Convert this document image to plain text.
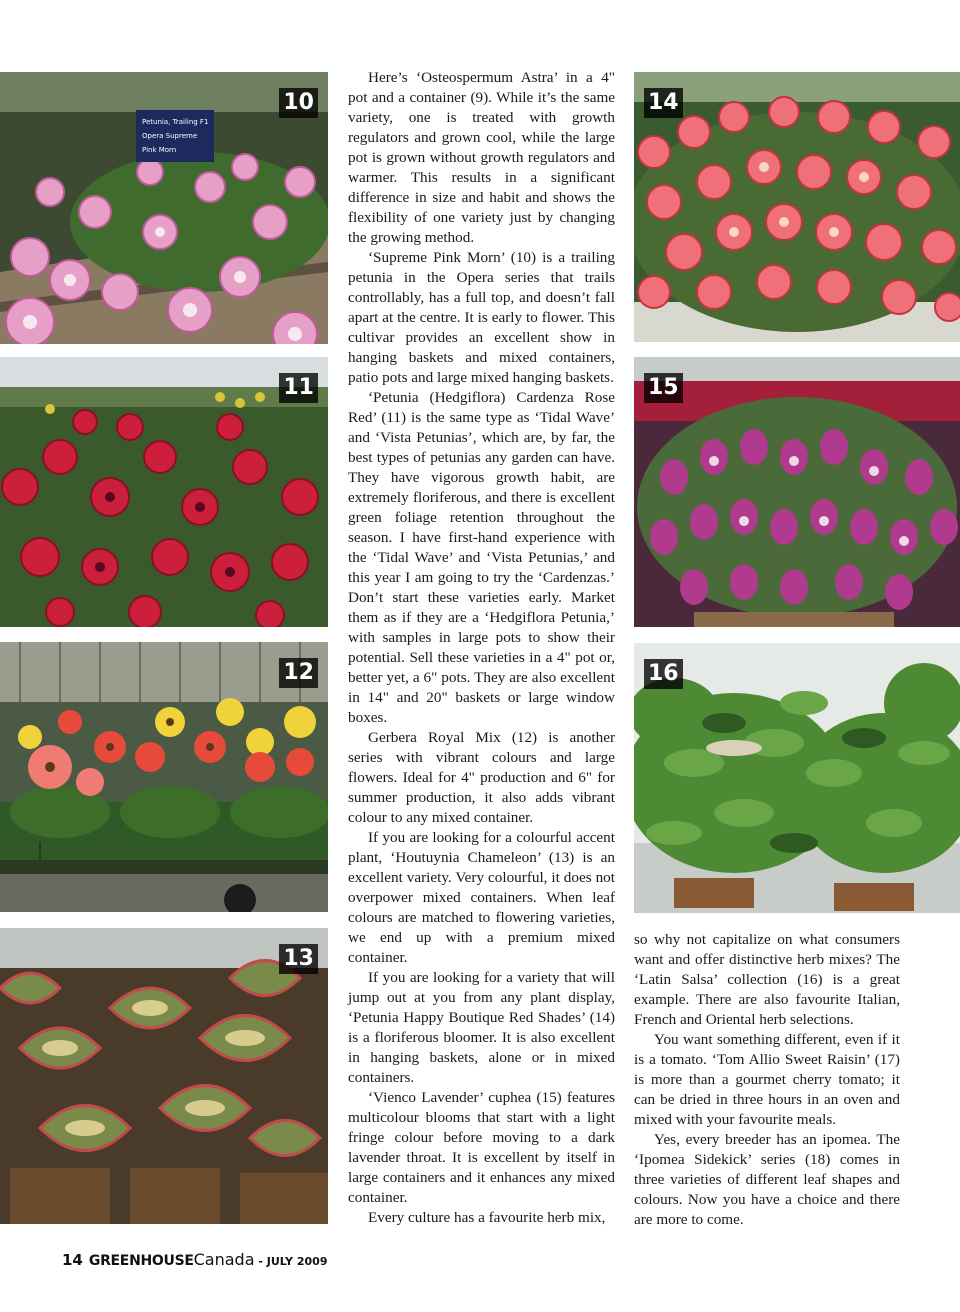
Petunia, Trailing F1
Opera Supreme
Pink Morn
10
11
12
13
14
15
16

Here’s ‘Osteospermum Astra’ in a 4" pot and a container (9). While it’s the same variety, one is treated with growth regulators and grown cool, while the large pot is grown without growth regulators and warmer. This results in a significant difference in size and habit and shows the flexibility of one variety just by changing the growing method.

‘Supreme Pink Morn’ (10) is a trailing petunia in the Opera series that trails controllably, has a full top, and doesn’t fall apart at the centre. It is early to flower. This cultivar provides an excellent show in hanging baskets and mixed containers, patio pots and large mixed hanging baskets.

‘Petunia (Hedgiflora) Cardenza Rose Red’ (11) is the same type as ‘Tidal Wave’ and ‘Vista Petunias’, which are, by far, the best types of petunias any garden can have. They have vigorous growth habit, are extremely floriferous, and there is excellent green foliage retention throughout the season. I have first-hand experience with the ‘Tidal Wave’ and ‘Vista Petunias,’ and this year I am going to try the ‘Cardenzas.’ Don’t start these varieties early. Market them as if they are a ‘Hedgiflora Petunia,’ with samples in large pots to show their potential. Sell these varieties in a 4" pot or, better yet, a 6" pots. They are also excellent in 14" and 20" baskets or large window boxes.

Gerbera Royal Mix (12) is another series with vibrant colours and large flowers. Ideal for 4" production and 6" for summer production, it also adds vibrant colour to any mixed container.

If you are looking for a colourful accent plant, ‘Houtuynia Chameleon’ (13) is an excellent variety. Very colourful, it does not overpower mixed containers. When leaf colours are matched to flowering varieties, we end up with a premium mixed container.

If you are looking for a variety that will jump out at you from any plant display, ‘Petunia Happy Boutique Red Shades’ (14) is a floriferous bloomer. It is also excellent in hanging baskets, alone or in mixed containers.

‘Vienco Lavender’ cuphea (15) features multicolour blooms that start with a light fringe colour before moving to a dark lavender throat. It is excellent by itself in large containers and it enhances any mixed container.

Every culture has a favourite herb mix,

so why not capitalize on what consumers want and offer distinctive herb mixes? The ‘Latin Salsa’ collection (16) is a great example. There are also favourite Italian, French and Oriental herb selections.

You want something different, even if it is a tomato. ‘Tom Allio Sweet Raisin’ (17) is more than a gourmet cherry tomato; it can be dried in three hours in an oven and mixed with your favourite meals.

Yes, every breeder has an ipomea. The ‘Ipomea Sidekick’ series (18) comes in three varieties of different leaf shapes and colours. Now you have a choice and there are more to come.

14 GREENHOUSECanada - JULY 2009
